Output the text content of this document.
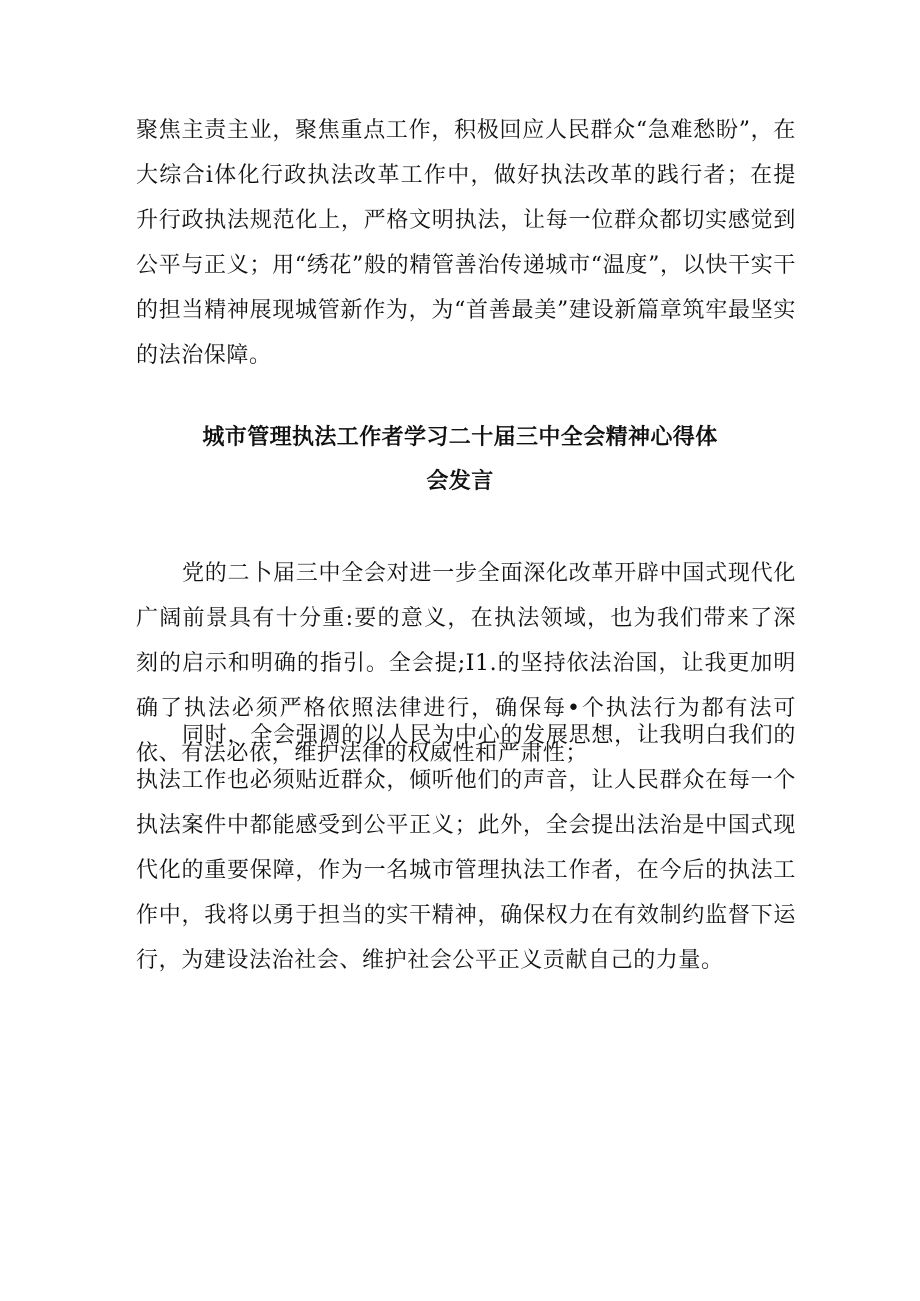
聚焦主责主业，聚焦重点工作，积极回应人民群众“急难愁盼”，在大综合i体化行政执法改革工作中，做好执法改革的践行者；在提升行政执法规范化上，严格文明执法，让每一位群众都切实感觉到公平与正义；用“绣花”般的精管善治传递城市“温度”，以快干实干的担当精神展现城管新作为，为“首善最美”建设新篇章筑牢最坚实的法治保障。

城市管理执法工作者学习二十届三中全会精神心得体
会发言

党的二卜届三中全会对进一步全面深化改革开辟中国式现代化广阔前景具有十分重:要的意义，在执法领域，也为我们带来了深刻的启示和明确的指引。全会提;I1.的坚持依法治国，让我更加明确了执法必须严格依照法律进行，确保每•个执法行为都有法可依、有法必依，维护法律的权威性和严肃性；

同时，全会强调的以人民为中心的发展思想，让我明白我们的执法工作也必须贴近群众，倾听他们的声音，让人民群众在每一个执法案件中都能感受到公平正义；此外，全会提出法治是中国式现代化的重要保障，作为一名城市管理执法工作者，在今后的执法工作中，我将以勇于担当的实干精神，确保权力在有效制约监督下运行，为建设法治社会、维护社会公平正义贡献自己的力量。
